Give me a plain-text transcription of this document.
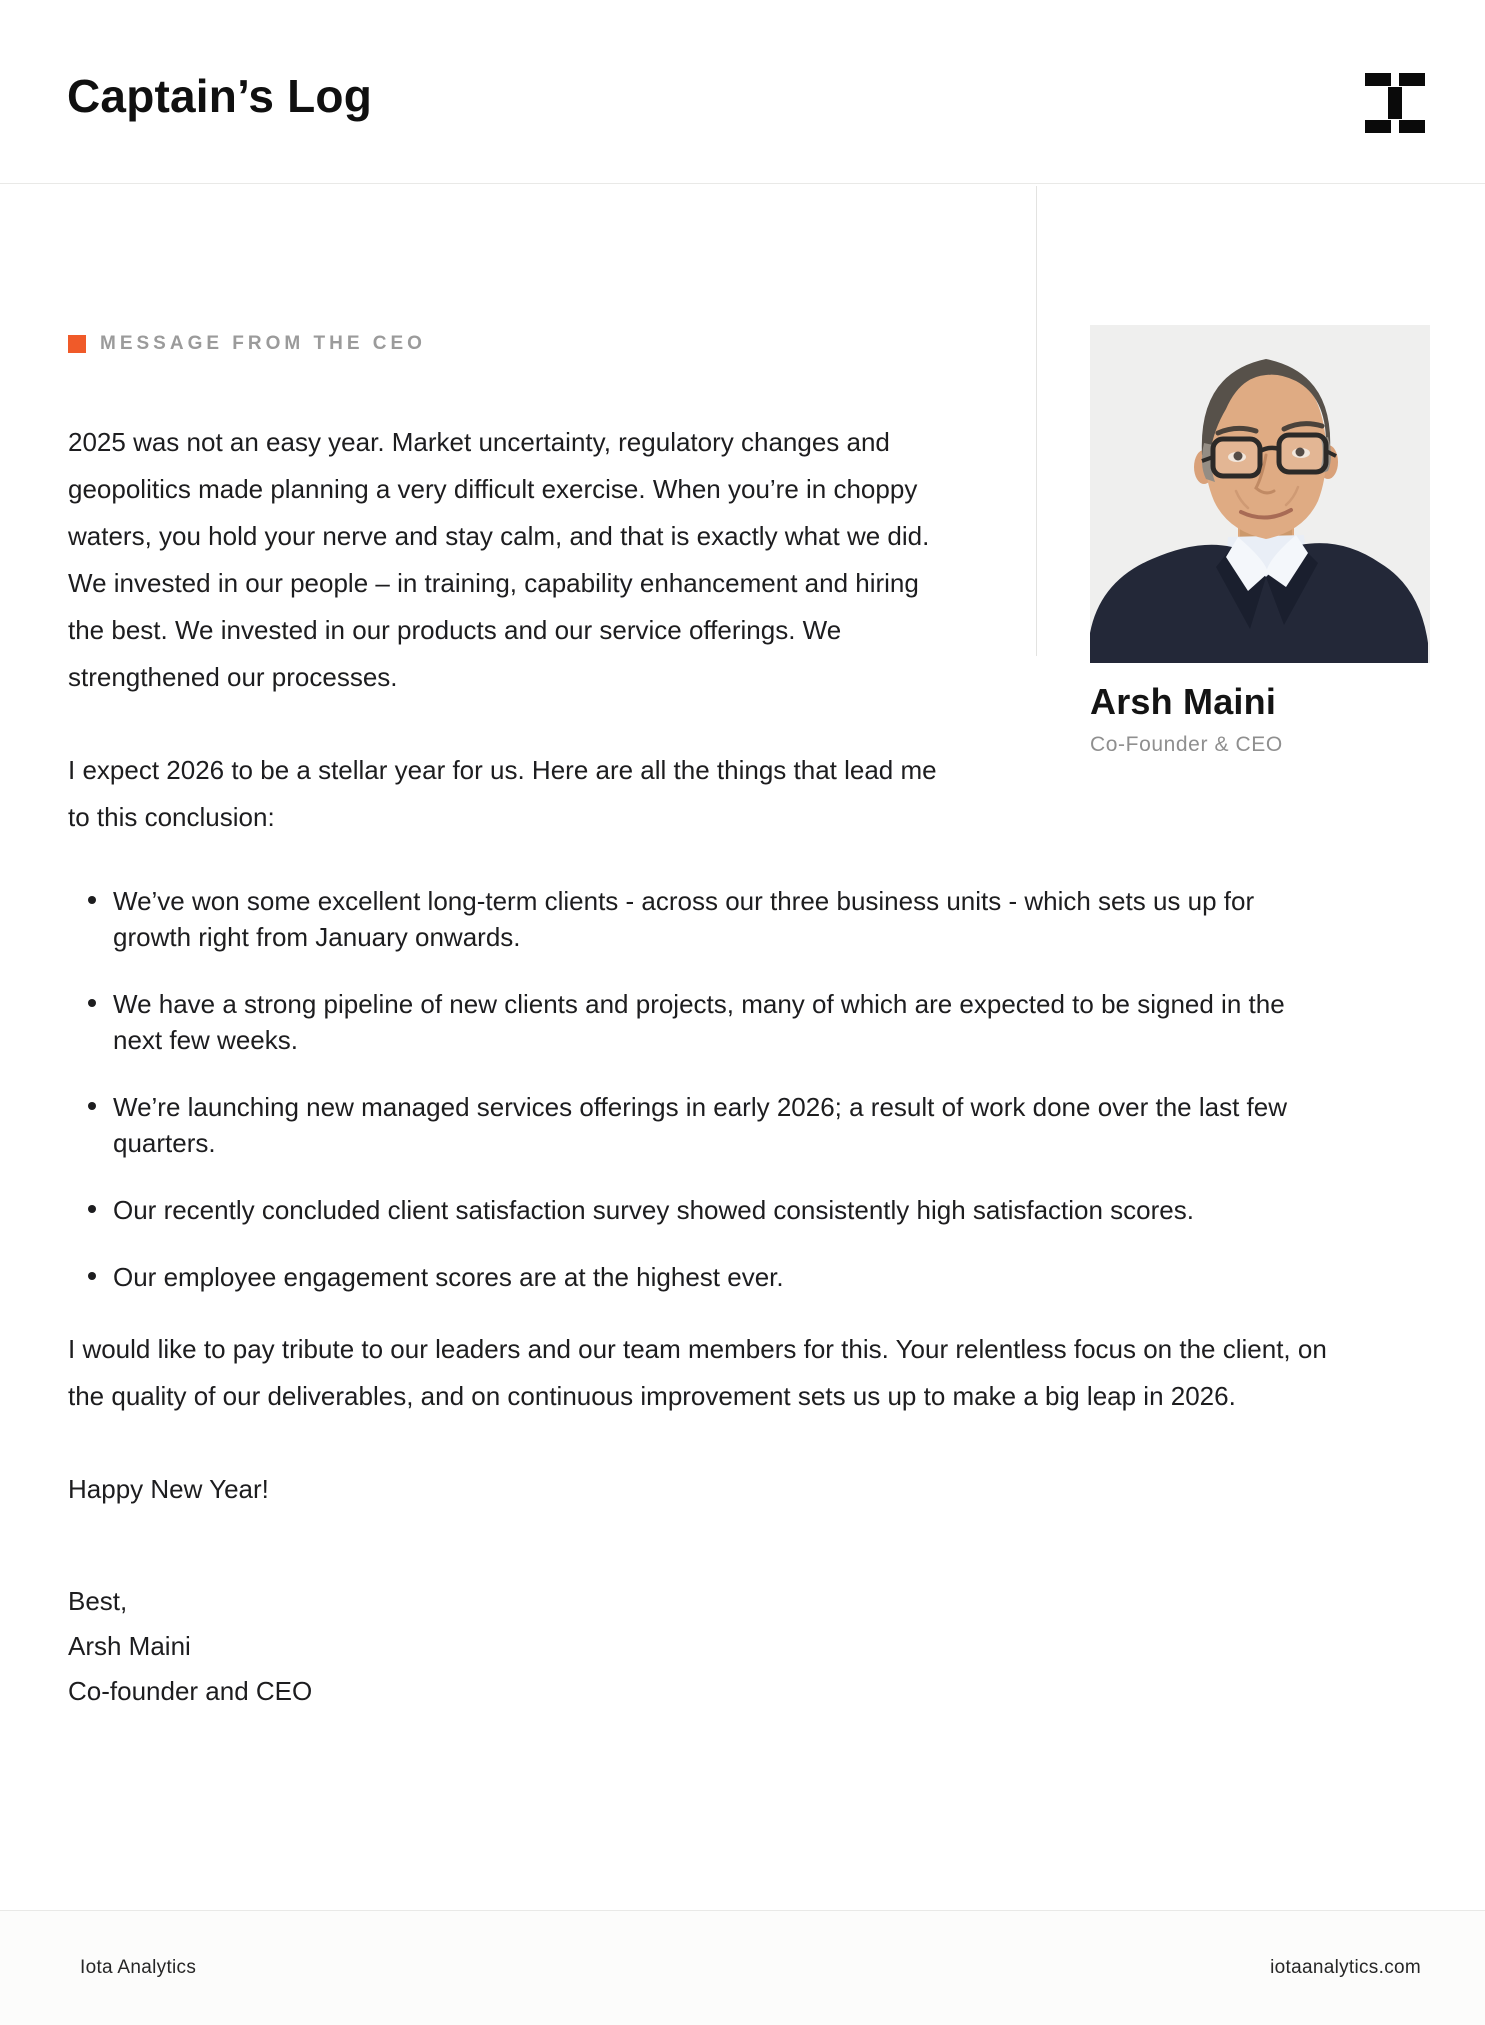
Captain’s Log
MESSAGE FROM THE CEO

2025 was not an easy year. Market uncertainty, regulatory changes and geopolitics made planning a very difficult exercise. When you’re in choppy waters, you hold your nerve and stay calm, and that is exactly what we did. We invested in our people – in training, capability enhancement and hiring the best. We invested in our products and our service offerings. We strengthened our processes.

I expect 2026 to be a stellar year for us. Here are all the things that lead me to this conclusion:

We’ve won some excellent long-term clients - across our three business units - which sets us up for growth right from January onwards.
We have a strong pipeline of new clients and projects, many of which are expected to be signed in the next few weeks.
We’re launching new managed services offerings in early 2026; a result of work done over the last few quarters.
Our recently concluded client satisfaction survey showed consistently high satisfaction scores.
Our employee engagement scores are at the highest ever.

I would like to pay tribute to our leaders and our team members for this. Your relentless focus on the client, on the quality of our deliverables, and on continuous improvement sets us up to make a big leap in 2026.

Happy New Year!

Best,
Arsh Maini
Co-founder and CEO
Arsh Maini
Co-Founder & CEO
Iota Analytics	iotaanalytics.com
